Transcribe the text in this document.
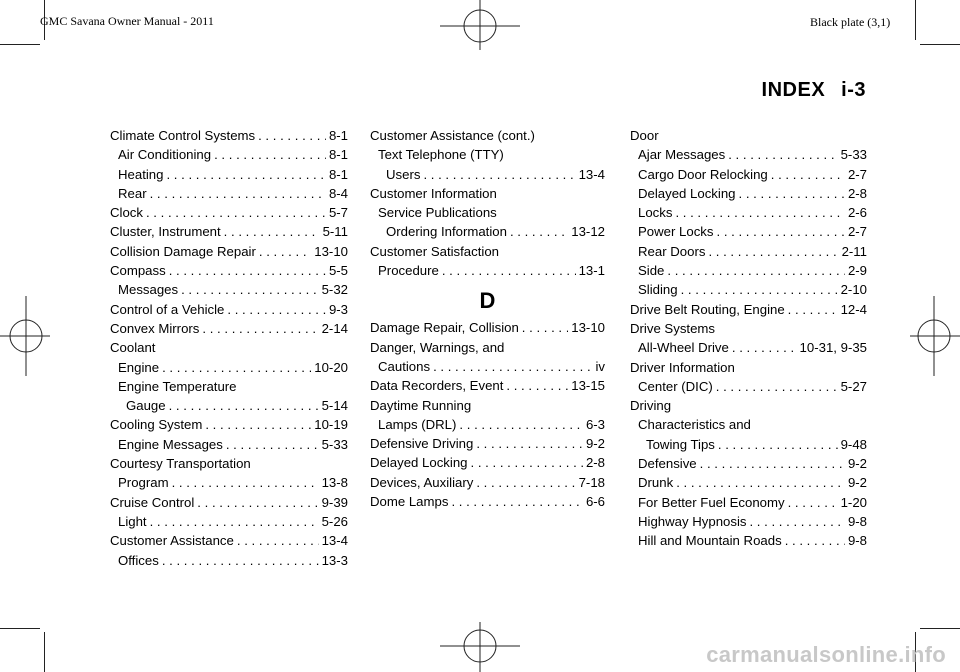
GMC Savana Owner Manual - 2011	Black plate (3,1)
INDEX i-3
Climate Control Systems . . .	8-1
Air Conditioning . . .	8-1
Heating . . .	8-1
Rear . . .	8-4
Clock . . .	5-7
Cluster, Instrument . . .	5-11
Collision Damage Repair . . .	13-10
Compass . . .	5-5
Messages . . .	5-32
Control of a Vehicle . . .	9-3
Convex Mirrors . . .	2-14
Coolant
Engine . . .	10-20
Engine Temperature
Gauge . . .	5-14
Cooling System . . .	10-19
Engine Messages . . .	5-33
Courtesy Transportation
Program . . .	13-8
Cruise Control . . .	9-39
Light . . .	5-26
Customer Assistance . . .	13-4
Offices . . .	13-3
Customer Assistance (cont.)
Text Telephone (TTY)
Users . . .	13-4
Customer Information
Service Publications
Ordering Information . . .	13-12
Customer Satisfaction
Procedure . . .	13-1
D
Damage Repair, Collision . . .	13-10
Danger, Warnings, and
Cautions . . .	iv
Data Recorders, Event . . .	13-15
Daytime Running
Lamps (DRL) . . .	6-3
Defensive Driving . . .	9-2
Delayed Locking . . .	2-8
Devices, Auxiliary . . .	7-18
Dome Lamps . . .	6-6
Door
Ajar Messages . . .	5-33
Cargo Door Relocking . . .	2-7
Delayed Locking . . .	2-8
Locks . . .	2-6
Power Locks . . .	2-7
Rear Doors . . .	2-11
Side . . .	2-9
Sliding . . .	2-10
Drive Belt Routing, Engine . . .	12-4
Drive Systems
All-Wheel Drive . . .	10-31, 9-35
Driver Information
Center (DIC) . . .	5-27
Driving
Characteristics and
Towing Tips . . .	9-48
Defensive . . .	9-2
Drunk . . .	9-2
For Better Fuel Economy . . .	1-20
Highway Hypnosis . . .	9-8
Hill and Mountain Roads . . .	9-8
carmanualsonline.info
